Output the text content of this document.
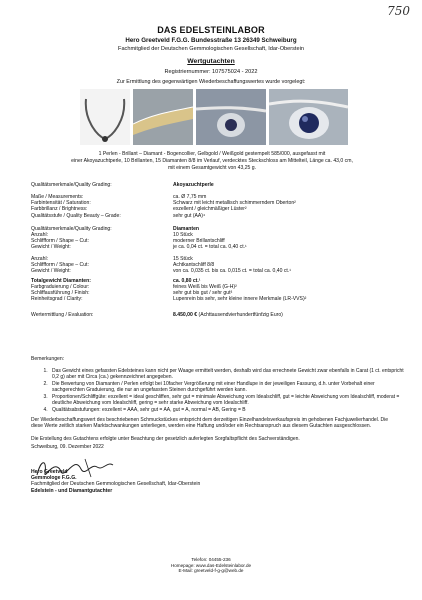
750
DAS EDELSTEINLABOR
Hero Greetveld F.G.G. Bundesstraße 13 26349 Schweiburg
Fachmitglied der Deutschen Gemmologischen Gesellschaft, Idar-Oberstein
Wertgutachten
Registriernummer: 107575024 - 2022
Zur Ermittlung des gegenwärtigen Wiederbeschaffungswertes wurde vorgelegt:
1 Perlen - Brillant – Diamant - Bogencollier, Gelbgold / Weißgold gestempelt 585/000, ausgefasst mit
einer Akoyazuchtperle, 10 Brillanten, 15 Diamanten 8/8 im Verlauf, verdecktes Steckschloss am Mittelteil, Länge ca. 43,0 cm,
mit einem Gesamtgewicht von 43,25 g.
Qualitätsmerkmale/Quality Grading:	Akoyazuchtperle
Maße / Measurements:	ca. Ø 7,75 mm
Farbintensität / Saturation:	Schwarz mit leicht metallisch schimmerndem Oberton²
Farbbrillanz / Brightness:	exzellent / gleichmäßiger Lüster²
Qualitätsstufe / Quality Beauty – Grade:	sehr gut (AA)⁴
Qualitätsmerkmale/Quality Grading:	Diamanten
Anzahl:	10 Stück
Schliffform / Shape – Cut:	moderner Brillantschliff
Gewicht / Weight:	je ca. 0,04 ct. = total ca. 0,40 ct.¹
Anzahl:	15 Stück
Schliffform / Shape – Cut:	Achtkantschliff 8/8
Gewicht / Weight:	von ca. 0,035 ct. bis ca. 0,015 ct. = total ca. 0,40 ct.¹
Totalgewicht Diamanten:	ca. 0,80 ct.¹
Farbgraduierung / Colour:	feines Weiß bis Weiß (G-H)²
Schliffausführung / Finish:	sehr gut bis gut / sehr gut³
Reinheitsgrad / Clarity:	Lupenrein bis sehr, sehr kleine innere Merkmale (LR-VVS)²
Wertermittlung / Evaluation:	8.450,00 € (Achttausendvierhundertfünfzig Euro)
Bemerkungen:
1. Das Gewicht eines gefassten Edelsteines kann nicht per Waage ermittelt werden, deshalb wird das errechnete Gewicht zwar ebenfalls in Carat (1 ct. entspricht 0,2 g) aber mit Circa (ca.) gekennzeichnet angegeben.
2. Die Bewertung von Diamanten / Perlen erfolgt bei 10facher Vergrößerung mit einer Handlupe in der jeweiligen Fassung, d.h. unter Vorbehalt einer sachgerechten Graduierung, die nur an ungefassten Steinen durchgeführt werden kann.
3. Proportionen/Schliffgüte: exzellent = ideal geschliffen, sehr gut = minimale Abweichung vom Idealschliff, gut = leichte Abweichung vom Idealschliff, moderat = deutliche Abweichung vom Idealschliff, gering = sehr starke Abweichung vom Idealschliff.
4. Qualitätsabstufungen: exzellent = AAA, sehr gut = AA, gut = A, normal = AB, Gering = B
Der Wiederbeschaffungswert des beschriebenen Schmuckstückes entspricht dem derzeitigen Einzelhandelsverkaufspreis im gehobenen Fachjuwelierhandel. Die diese Werte zeitlich starken Marktschwankungen unterliegen, werden eine Haftung und/oder ein Rechtsanspruch aus diesem Gutachten ausgeschlossen.
Die Erstellung des Gutachtens erfolgte unter Beachtung der gesetzlich auferlegten Sorgfaltspflicht des Sachverständigen.
Schweiburg, 09. Dezember 2022
Hero Greetveld
Gemmologe F.G.G.
Fachmitglied der Deutschen Gemmologischen Gesellschaft, Idar-Oberstein
Edelstein - und Diamantgutachter
Telefon: 04455-236
Homepage: www.das-Edelsteinlabor.de
E-Mail: greetveld-f-g-g@web.de
